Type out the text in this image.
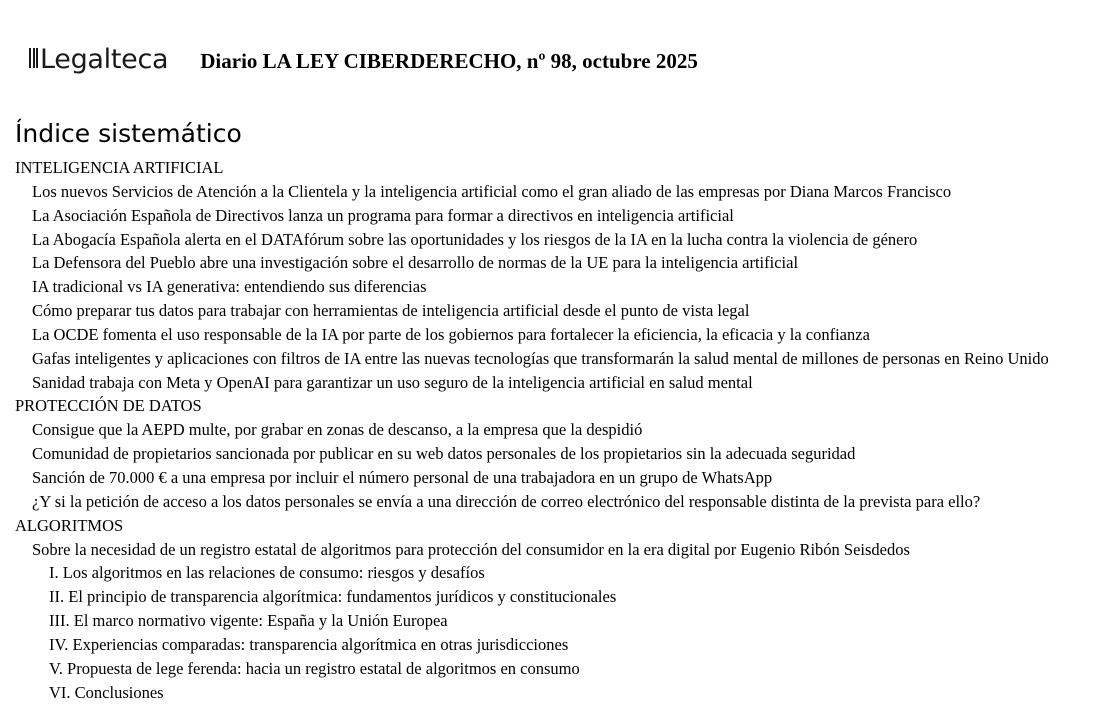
Legalteca Diario LA LEY CIBERDERECHO, nº 98, octubre 2025
Índice sistemático
INTELIGENCIA ARTIFICIAL
Los nuevos Servicios de Atención a la Clientela y la inteligencia artificial como el gran aliado de las empresas por Diana Marcos Francisco
La Asociación Española de Directivos lanza un programa para formar a directivos en inteligencia artificial
La Abogacía Española alerta en el DATAfórum sobre las oportunidades y los riesgos de la IA en la lucha contra la violencia de género
La Defensora del Pueblo abre una investigación sobre el desarrollo de normas de la UE para la inteligencia artificial
IA tradicional vs IA generativa: entendiendo sus diferencias
Cómo preparar tus datos para trabajar con herramientas de inteligencia artificial desde el punto de vista legal
La OCDE fomenta el uso responsable de la IA por parte de los gobiernos para fortalecer la eficiencia, la eficacia y la confianza
Gafas inteligentes y aplicaciones con filtros de IA entre las nuevas tecnologías que transformarán la salud mental de millones de personas en Reino Unido
Sanidad trabaja con Meta y OpenAI para garantizar un uso seguro de la inteligencia artificial en salud mental
PROTECCIÓN DE DATOS
Consigue que la AEPD multe, por grabar en zonas de descanso, a la empresa que la despidió
Comunidad de propietarios sancionada por publicar en su web datos personales de los propietarios sin la adecuada seguridad
Sanción de 70.000 € a una empresa por incluir el número personal de una trabajadora en un grupo de WhatsApp
¿Y si la petición de acceso a los datos personales se envía a una dirección de correo electrónico del responsable distinta de la prevista para ello?
ALGORITMOS
Sobre la necesidad de un registro estatal de algoritmos para protección del consumidor en la era digital por Eugenio Ribón Seisdedos
I. Los algoritmos en las relaciones de consumo: riesgos y desafíos
II. El principio de transparencia algorítmica: fundamentos jurídicos y constitucionales
III. El marco normativo vigente: España y la Unión Europea
IV. Experiencias comparadas: transparencia algorítmica en otras jurisdicciones
V. Propuesta de lege ferenda: hacia un registro estatal de algoritmos en consumo
VI. Conclusiones
